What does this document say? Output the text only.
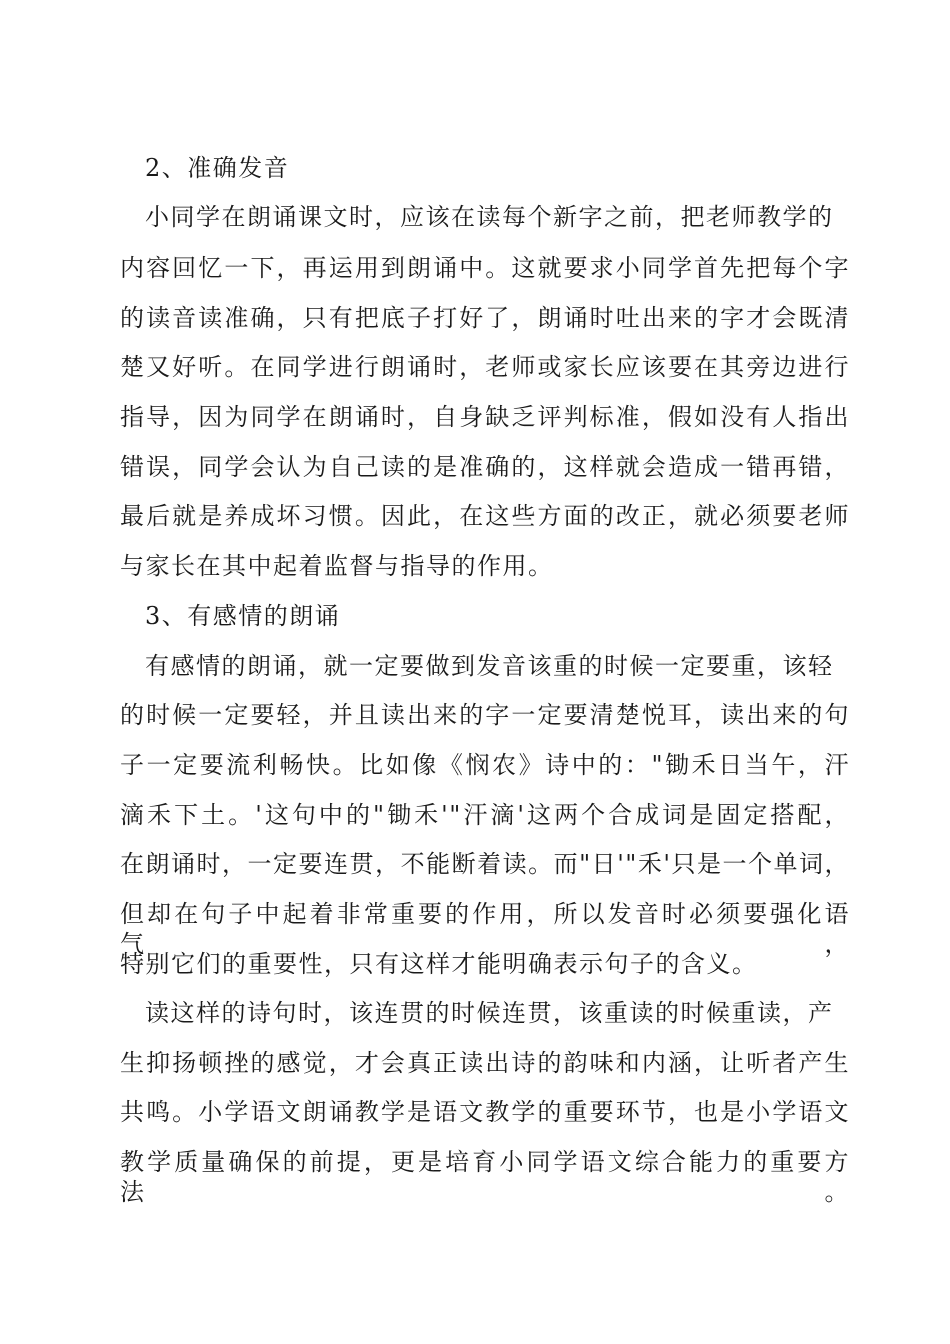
2、准确发音
小同学在朗诵课文时，应该在读每个新字之前，把老师教学的
内容回忆一下，再运用到朗诵中。这就要求小同学首先把每个字
的读音读准确，只有把底子打好了，朗诵时吐出来的字才会既清
楚又好听。在同学进行朗诵时，老师或家长应该要在其旁边进行
指导，因为同学在朗诵时，自身缺乏评判标准，假如没有人指出
错误，同学会认为自己读的是准确的，这样就会造成一错再错，
最后就是养成坏习惯。因此，在这些方面的改正，就必须要老师
与家长在其中起着监督与指导的作用。
3、有感情的朗诵
有感情的朗诵，就一定要做到发音该重的时候一定要重，该轻
的时候一定要轻，并且读出来的字一定要清楚悦耳，读出来的句
子一定要流利畅快。比如像《悯农》诗中的："锄禾日当午，汗
滴禾下土。'这句中的"锄禾'"汗滴'这两个合成词是固定搭配，
在朗诵时，一定要连贯，不能断着读。而"日'"禾'只是一个单词，
但却在句子中起着非常重要的作用，所以发音时必须要强化语气，
特别它们的重要性，只有这样才能明确表示句子的含义。
读这样的诗句时，该连贯的时候连贯，该重读的时候重读，产
生抑扬顿挫的感觉，才会真正读出诗的韵味和内涵，让听者产生
共鸣。小学语文朗诵教学是语文教学的重要环节，也是小学语文
教学质量确保的前提，更是培育小同学语文综合能力的重要方法。
